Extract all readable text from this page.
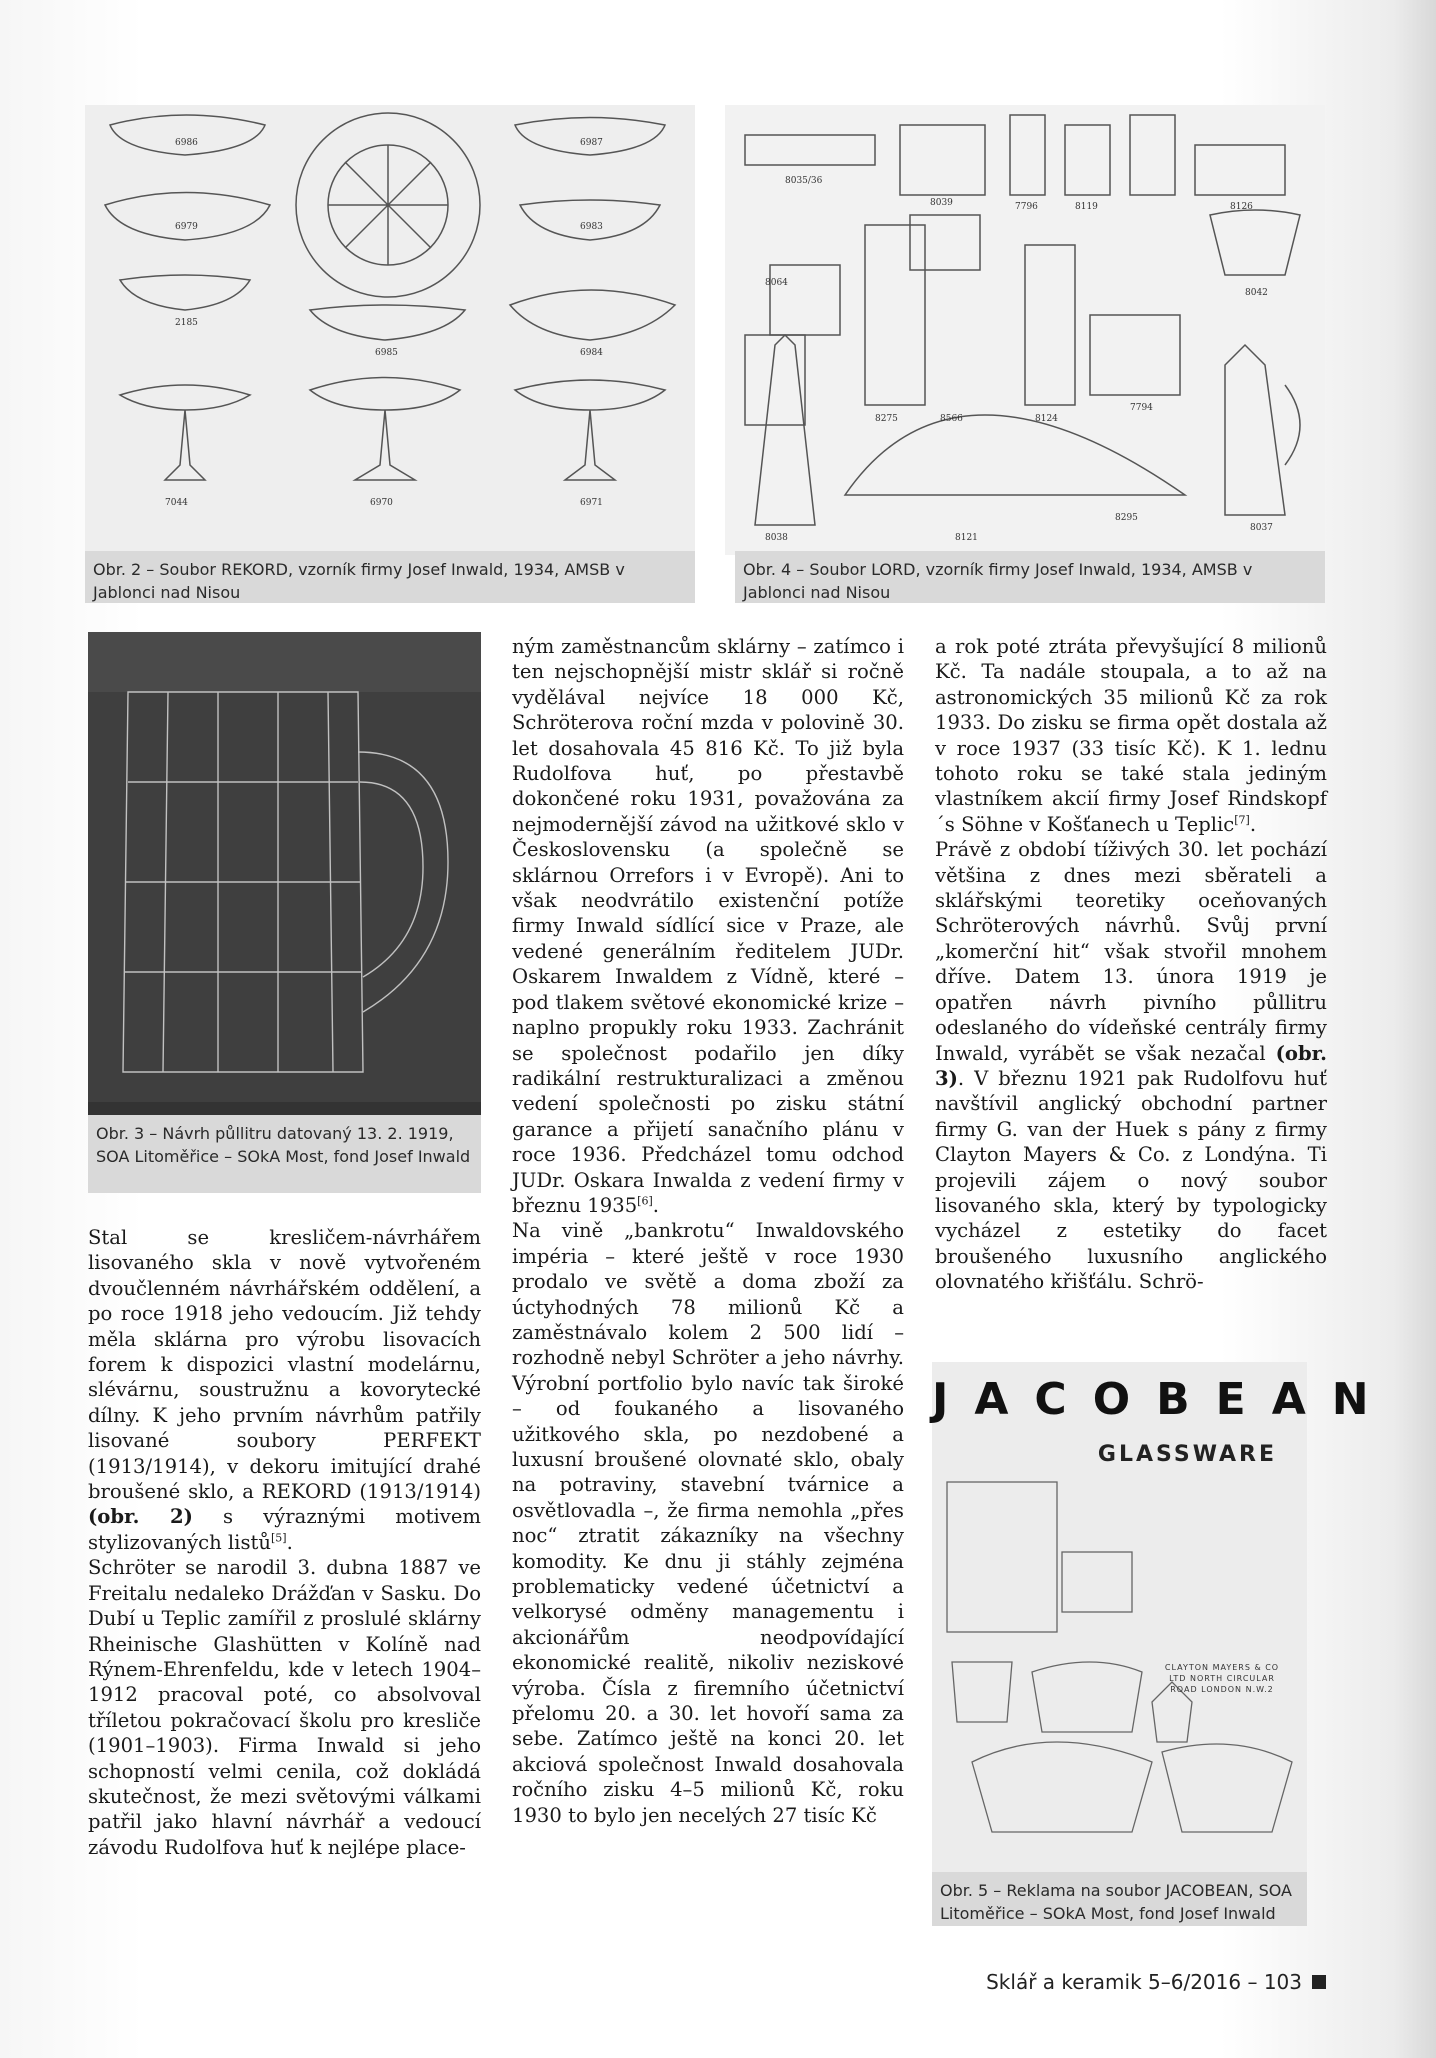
6986	6987
6979	6983
2185
6985	6984
7044	6970	6971
Obr. 2 – Soubor REKORD, vzorník firmy Josef Inwald, 1934, AMSB v Jablonci nad Nisou
8035/36
8039	7796	8119	8126
8064
8042
8275	8566	8124
7794
8038	8121
8295
8037
Obr. 4 – Soubor LORD, vzorník firmy Josef Inwald, 1934, AMSB v Jablonci nad Nisou
Obr. 3 – Návrh půllitru datovaný 13. 2. 1919, SOA Litoměřice – SOkA Most, fond Josef Inwald
JACOBEAN
GLASSWARE
CLAYTON MAYERS & CO LTD NORTH CIRCULAR ROAD LONDON N.W.2
Obr. 5 – Reklama na soubor JACOBEAN, SOA Litoměřice – SOkA Most, fond Josef Inwald

Stal se kresličem-návrhářem lisovaného skla v nově vytvořeném dvoučlenném návrhářském oddělení, a po roce 1918 jeho vedoucím. Již tehdy měla sklárna pro výrobu lisovacích forem k dispozici vlastní modelárnu, slévárnu, soustružnu a kovorytecké dílny. K jeho prvním návrhům patřily lisované soubory PERFEKT (1913/1914), v dekoru imitující drahé broušené sklo, a REKORD (1913/1914) (obr. 2) s výraznými motivem stylizovaných listů[5].

Schröter se narodil 3. dubna 1887 ve Freitalu nedaleko Drážďan v Sasku. Do Dubí u Teplic zamířil z proslulé sklárny Rheinische Glashütten v Kolíně nad Rýnem-Ehrenfeldu, kde v letech 1904–1912 pracoval poté, co absolvoval tříletou pokračovací školu pro kresliče (1901–1903). Firma Inwald si jeho schopností velmi cenila, což dokládá skutečnost, že mezi světovými válkami patřil jako hlavní návrhář a vedoucí závodu Rudolfova huť k nejlépe place-

ným zaměstnancům sklárny – zatímco i ten nejschopnější mistr sklář si ročně vydělával nejvíce 18 000 Kč, Schröterova roční mzda v polovině 30. let dosahovala 45 816 Kč. To již byla Rudolfova huť, po přestavbě dokončené roku 1931, považována za nejmodernější závod na užitkové sklo v Československu (a společně se sklárnou Orrefors i v Evropě). Ani to však neodvrátilo existenční potíže firmy Inwald sídlící sice v Praze, ale vedené generálním ředitelem JUDr. Oskarem Inwaldem z Vídně, které – pod tlakem světové ekonomické krize – naplno propukly roku 1933. Zachránit se společnost podařilo jen díky radikální restrukturalizaci a změnou vedení společnosti po zisku státní garance a přijetí sanačního plánu v roce 1936. Předcházel tomu odchod JUDr. Oskara Inwalda z vedení firmy v březnu 1935[6].

Na vině „bankrotu“ Inwaldovského impéria – které ještě v roce 1930 prodalo ve světě a doma zboží za úctyhodných 78 milionů Kč a zaměstnávalo kolem 2 500 lidí – rozhodně nebyl Schröter a jeho návrhy. Výrobní portfolio bylo navíc tak široké – od foukaného a lisovaného užitkového skla, po nezdobené a luxusní broušené olovnaté sklo, obaly na potraviny, stavební tvárnice a osvětlovadla –, že firma nemohla „přes noc“ ztratit zákazníky na všechny komodity. Ke dnu ji stáhly zejména problematicky vedené účetnictví a velkorysé odměny managementu i akcionářům neodpovídající ekonomické realitě, nikoliv neziskové výroba. Čísla z firemního účetnictví přelomu 20. a 30. let hovoří sama za sebe. Zatímco ještě na konci 20. let akciová společnost Inwald dosahovala ročního zisku 4–5 milionů Kč, roku 1930 to bylo jen necelých 27 tisíc Kč

a rok poté ztráta převyšující 8 milionů Kč. Ta nadále stoupala, a to až na astronomických 35 milionů Kč za rok 1933. Do zisku se firma opět dostala až v roce 1937 (33 tisíc Kč). K 1. lednu tohoto roku se také stala jediným vlastníkem akcií firmy Josef Rindskopf´s Söhne v Košťanech u Teplic[7].

Právě z období tíživých 30. let pochází většina z dnes mezi sběrateli a sklářskými teoretiky oceňovaných Schröterových návrhů. Svůj první „komerční hit“ však stvořil mnohem dříve. Datem 13. února 1919 je opatřen návrh pivního půllitru odeslaného do vídeňské centrály firmy Inwald, vyrábět se však nezačal (obr. 3). V březnu 1921 pak Rudolfovu huť navštívil anglický obchodní partner firmy G. van der Huek s pány z firmy Clayton Mayers & Co. z Londýna. Ti projevili zájem o nový soubor lisovaného skla, který by typologicky vycházel z estetiky do facet broušeného luxusního anglického olovnatého křišťálu. Schrö-

Sklář a keramik 5–6/2016 – 103
